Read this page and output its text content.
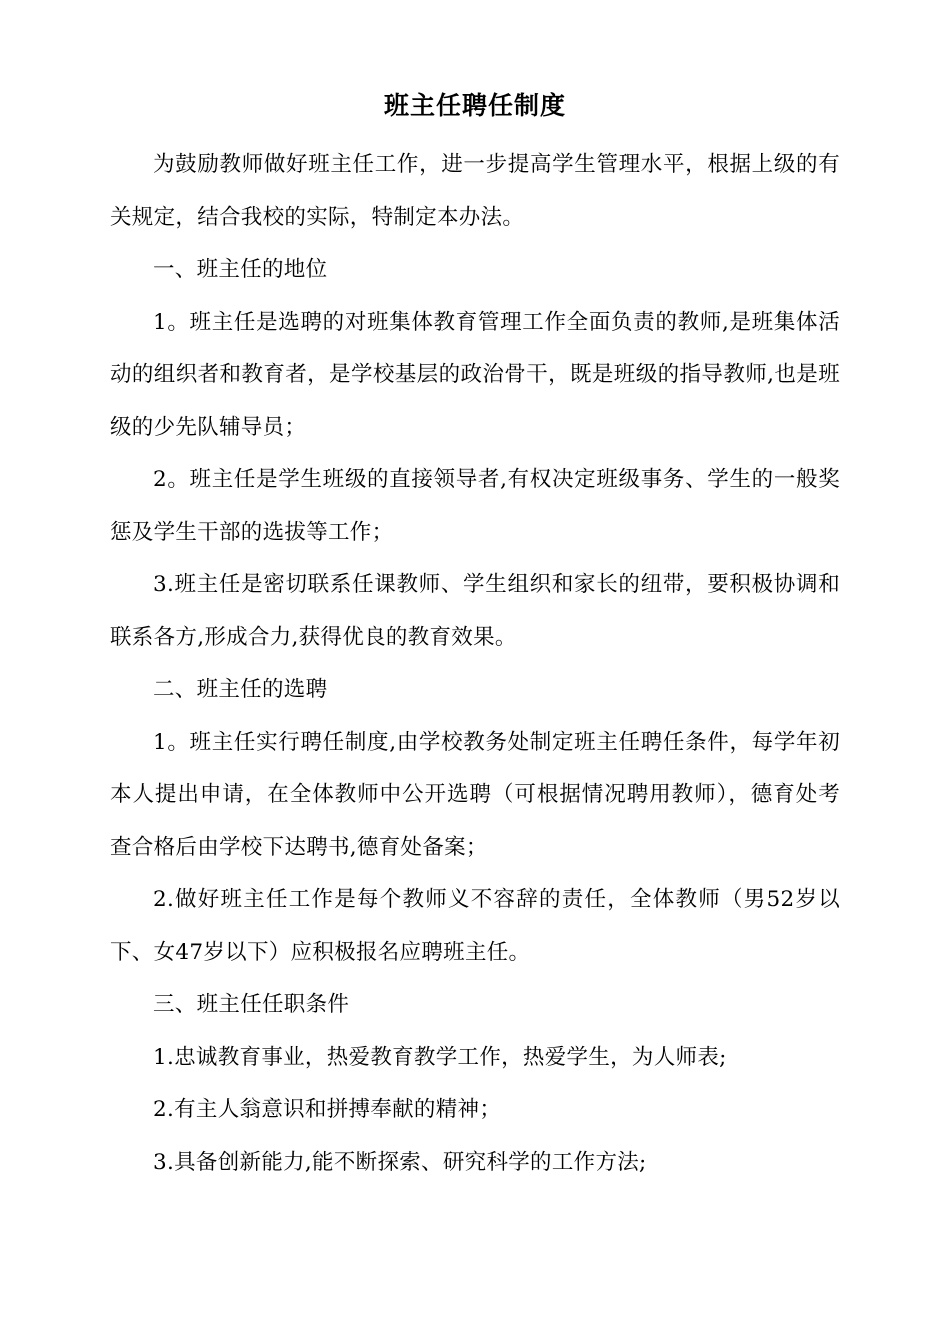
班主任聘任制度

为鼓励教师做好班主任工作，进一步提高学生管理水平，根据上级的有关规定，结合我校的实际，特制定本办法。

一、班主任的地位

1。班主任是选聘的对班集体教育管理工作全面负责的教师,是班集体活动的组织者和教育者，是学校基层的政治骨干，既是班级的指导教师,也是班级的少先队辅导员；

2。班主任是学生班级的直接领导者,有权决定班级事务、学生的一般奖惩及学生干部的选拔等工作；

3.班主任是密切联系任课教师、学生组织和家长的纽带，要积极协调和联系各方,形成合力,获得优良的教育效果。

二、班主任的选聘

1。班主任实行聘任制度,由学校教务处制定班主任聘任条件，每学年初本人提出申请，在全体教师中公开选聘（可根据情况聘用教师），德育处考查合格后由学校下达聘书,德育处备案；

2.做好班主任工作是每个教师义不容辞的责任，全体教师（男52岁以下、女47岁以下）应积极报名应聘班主任。

三、班主任任职条件

1.忠诚教育事业，热爱教育教学工作，热爱学生，为人师表;

2.有主人翁意识和拼搏奉献的精神；

3.具备创新能力,能不断探索、研究科学的工作方法;
